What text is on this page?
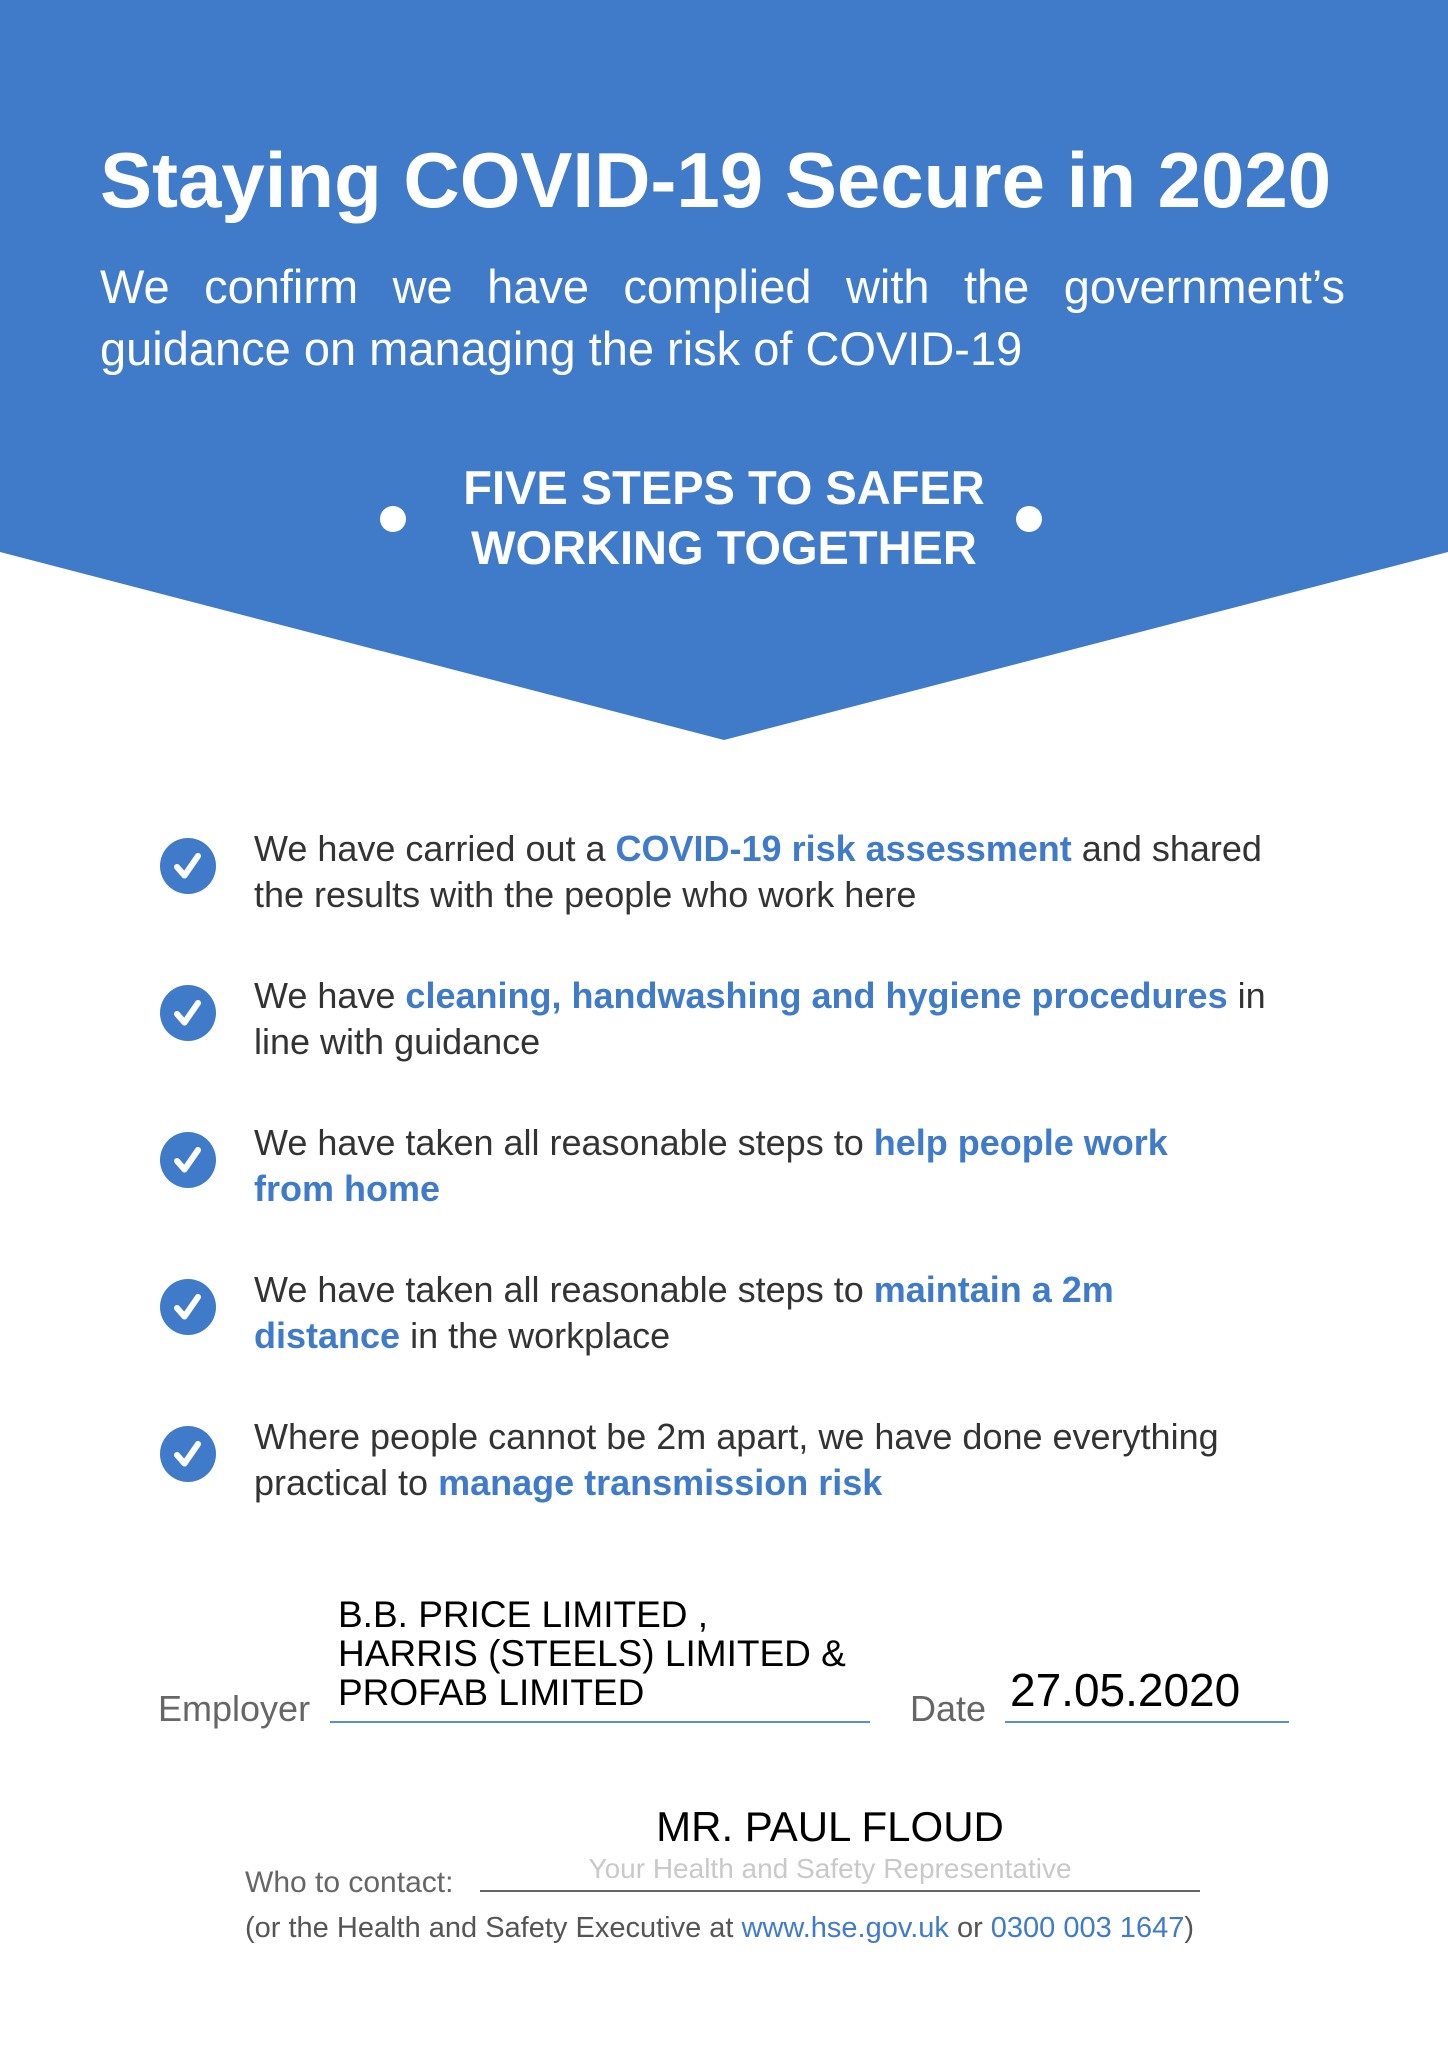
Staying COVID-19 Secure in 2020

We confirm we have complied with the government’s guidance on managing the risk of COVID-19

FIVE STEPS TO SAFER
WORKING TOGETHER

We have carried out a COVID-19 risk assessment and shared the results with the people who work here

We have cleaning, handwashing and hygiene procedures in line with guidance

We have taken all reasonable steps to help people work from home

We have taken all reasonable steps to maintain a 2m distance in the workplace

Where people cannot be 2m apart, we have done everything practical to manage transmission risk

B.B. PRICE LIMITED ,
HARRIS (STEELS) LIMITED &
PROFAB LIMITED
Employer	Date 27.05.2020
MR. PAUL FLOUD
Your Health and Safety Representative
Who to contact:
(or the Health and Safety Executive at www.hse.gov.uk or 0300 003 1647)
